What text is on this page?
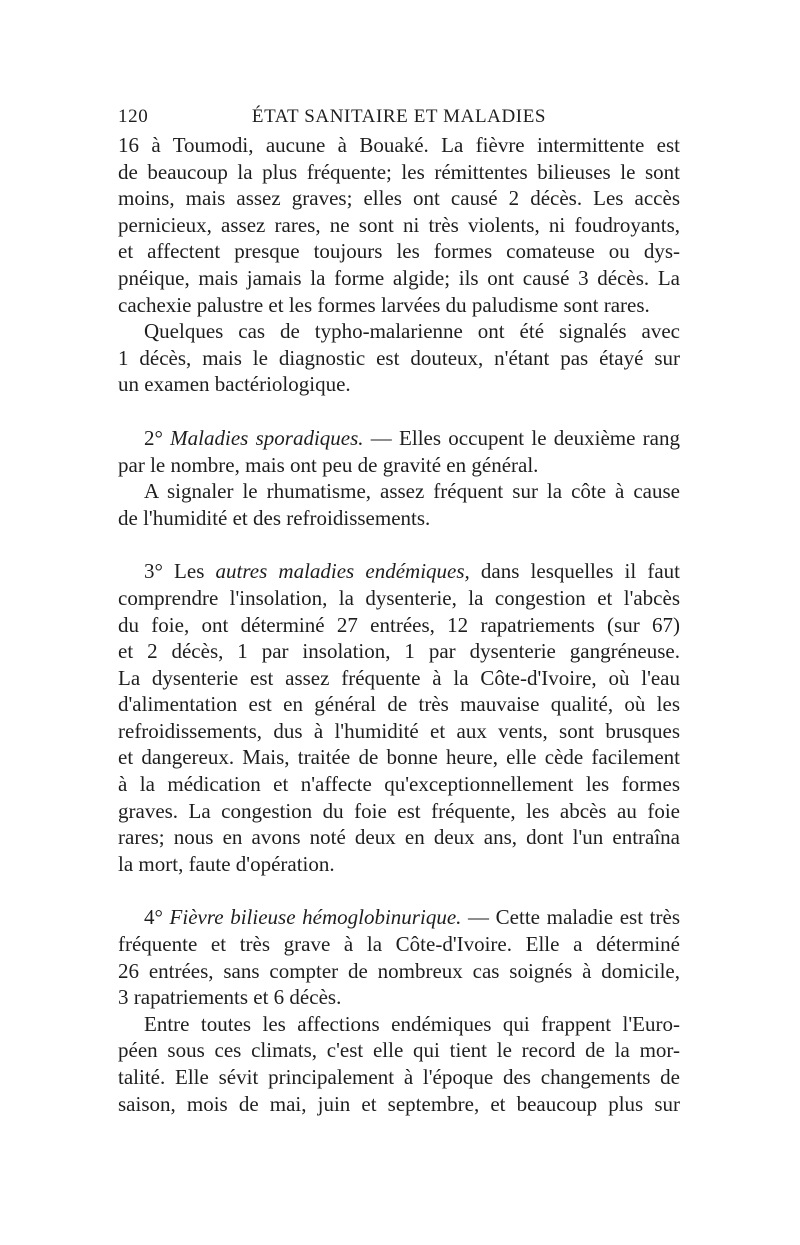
120	ÉTAT SANITAIRE ET MALADIES
16 à Toumodi, aucune à Bouaké. La fièvre intermittente est
de beaucoup la plus fréquente; les rémittentes bilieuses le sont
moins, mais assez graves; elles ont causé 2 décès. Les accès
pernicieux, assez rares, ne sont ni très violents, ni foudroyants,
et affectent presque toujours les formes comateuse ou dys-
pnéique, mais jamais la forme algide; ils ont causé 3 décès. La
cachexie palustre et les formes larvées du paludisme sont rares.
Quelques cas de typho-malarienne ont été signalés avec
1 décès, mais le diagnostic est douteux, n'étant pas étayé sur
un examen bactériologique.
2° Maladies sporadiques. — Elles occupent le deuxième rang
par le nombre, mais ont peu de gravité en général.
A signaler le rhumatisme, assez fréquent sur la côte à cause
de l'humidité et des refroidissements.
3° Les autres maladies endémiques, dans lesquelles il faut
comprendre l'insolation, la dysenterie, la congestion et l'abcès
du foie, ont déterminé 27 entrées, 12 rapatriements (sur 67)
et 2 décès, 1 par insolation, 1 par dysenterie gangréneuse.
La dysenterie est assez fréquente à la Côte-d'Ivoire, où l'eau
d'alimentation est en général de très mauvaise qualité, où les
refroidissements, dus à l'humidité et aux vents, sont brusques
et dangereux. Mais, traitée de bonne heure, elle cède facilement
à la médication et n'affecte qu'exceptionnellement les formes
graves. La congestion du foie est fréquente, les abcès au foie
rares; nous en avons noté deux en deux ans, dont l'un entraîna
la mort, faute d'opération.
4° Fièvre bilieuse hémoglobinurique. — Cette maladie est très
fréquente et très grave à la Côte-d'Ivoire. Elle a déterminé
26 entrées, sans compter de nombreux cas soignés à domicile,
3 rapatriements et 6 décès.
Entre toutes les affections endémiques qui frappent l'Euro-
péen sous ces climats, c'est elle qui tient le record de la mor-
talité. Elle sévit principalement à l'époque des changements de
saison, mois de mai, juin et septembre, et beaucoup plus sur
